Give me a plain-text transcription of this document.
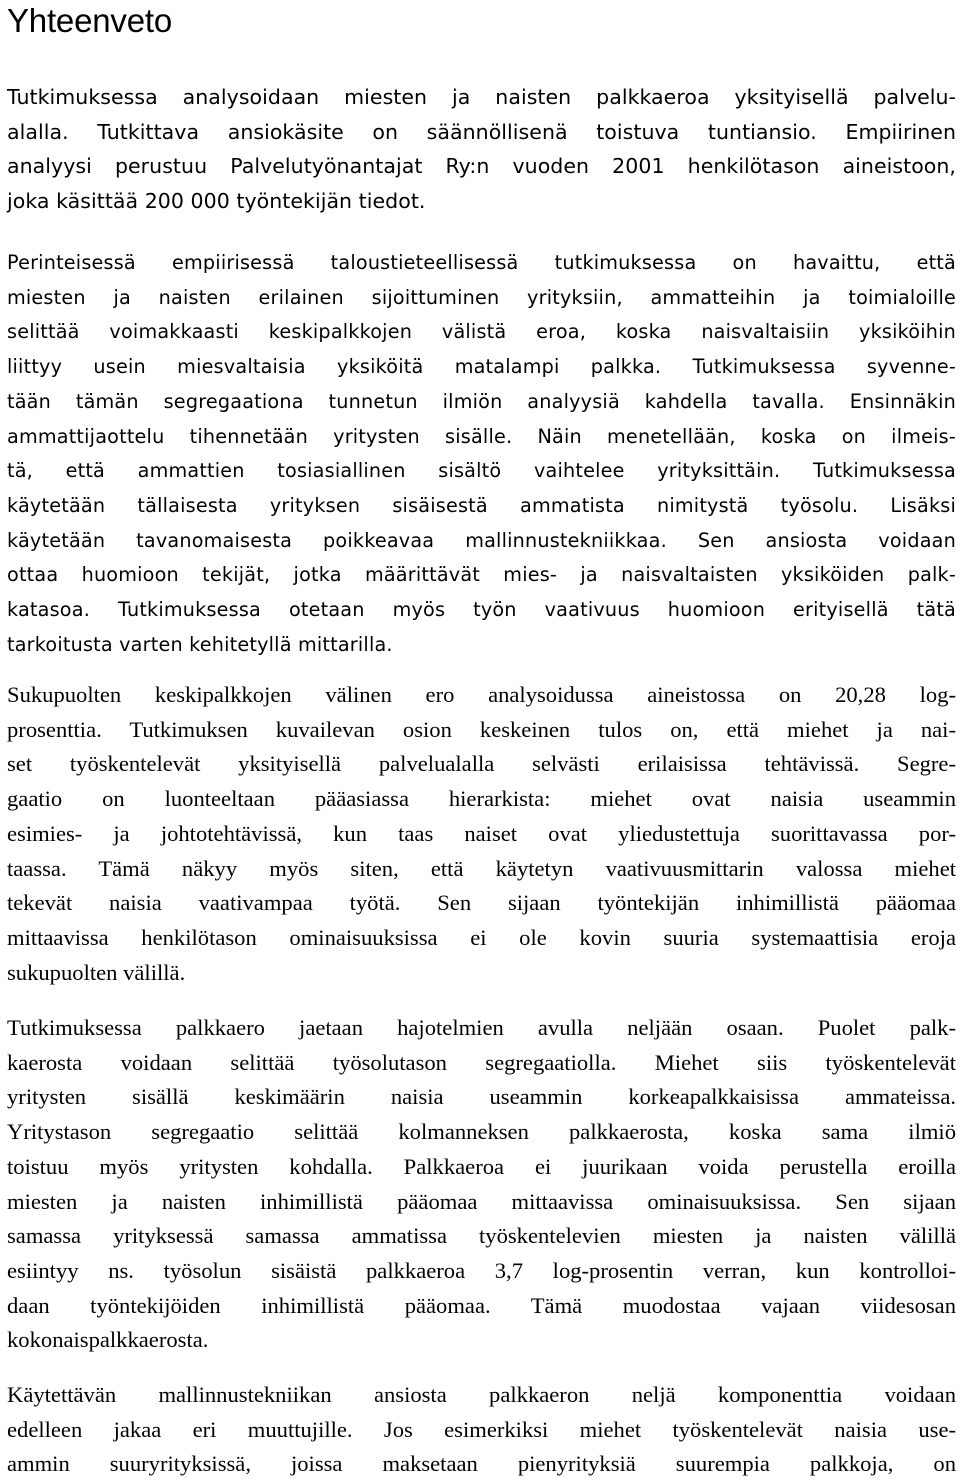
Yhteenveto

Tutkimuksessa analysoidaan miesten ja naisten palkkaeroa yksityisellä palvelu-
alalla. Tutkittava ansiokäsite on säännöllisenä toistuva tuntiansio. Empiirinen
analyysi perustuu Palvelutyönantajat Ry:n vuoden 2001 henkilötason aineistoon,
joka käsittää 200 000 työntekijän tiedot.

Perinteisessä empiirisessä taloustieteellisessä tutkimuksessa on havaittu, että
miesten ja naisten erilainen sijoittuminen yrityksiin, ammatteihin ja toimialoille
selittää voimakkaasti keskipalkkojen välistä eroa, koska naisvaltaisiin yksiköihin
liittyy usein miesvaltaisia yksiköitä matalampi palkka. Tutkimuksessa syvenne-
tään tämän segregaationa tunnetun ilmiön analyysiä kahdella tavalla. Ensinnäkin
ammattijaottelu tihennetään yritysten sisälle. Näin menetellään, koska on ilmeis-
tä, että ammattien tosiasiallinen sisältö vaihtelee yrityksittäin. Tutkimuksessa
käytetään tällaisesta yrityksen sisäisestä ammatista nimitystä työsolu. Lisäksi
käytetään tavanomaisesta poikkeavaa mallinnustekniikkaa. Sen ansiosta voidaan
ottaa huomioon tekijät, jotka määrittävät mies- ja naisvaltaisten yksiköiden palk-
katasoa. Tutkimuksessa otetaan myös työn vaativuus huomioon erityisellä tätä
tarkoitusta varten kehitetyllä mittarilla.

Sukupuolten keskipalkkojen välinen ero analysoidussa aineistossa on 20,28 log-
prosenttia. Tutkimuksen kuvailevan osion keskeinen tulos on, että miehet ja nai-
set työskentelevät yksityisellä palvelualalla selvästi erilaisissa tehtävissä. Segre-
gaatio on luonteeltaan pääasiassa hierarkista: miehet ovat naisia useammin
esimies- ja johtotehtävissä, kun taas naiset ovat yliedustettuja suorittavassa por-
taassa. Tämä näkyy myös siten, että käytetyn vaativuusmittarin valossa miehet
tekevät naisia vaativampaa työtä. Sen sijaan työntekijän inhimillistä pääomaa
mittaavissa henkilötason ominaisuuksissa ei ole kovin suuria systemaattisia eroja
sukupuolten välillä.

Tutkimuksessa palkkaero jaetaan hajotelmien avulla neljään osaan. Puolet palk-
kaerosta voidaan selittää työsolutason segregaatiolla. Miehet siis työskentelevät
yritysten sisällä keskimäärin naisia useammin korkeapalkkaisissa ammateissa.
Yritystason segregaatio selittää kolmanneksen palkkaerosta, koska sama ilmiö
toistuu myös yritysten kohdalla. Palkkaeroa ei juurikaan voida perustella eroilla
miesten ja naisten inhimillistä pääomaa mittaavissa ominaisuuksissa. Sen sijaan
samassa yrityksessä samassa ammatissa työskentelevien miesten ja naisten välillä
esiintyy ns. työsolun sisäistä palkkaeroa 3,7 log-prosentin verran, kun kontrolloi-
daan työntekijöiden inhimillistä pääomaa. Tämä muodostaa vajaan viidesosan
kokonaispalkkaerosta.

Käytettävän mallinnustekniikan ansiosta palkkaeron neljä komponenttia voidaan
edelleen jakaa eri muuttujille. Jos esimerkiksi miehet työskentelevät naisia use-
ammin suuryrityksissä, joissa maksetaan pienyrityksiä suurempia palkkoja, on
